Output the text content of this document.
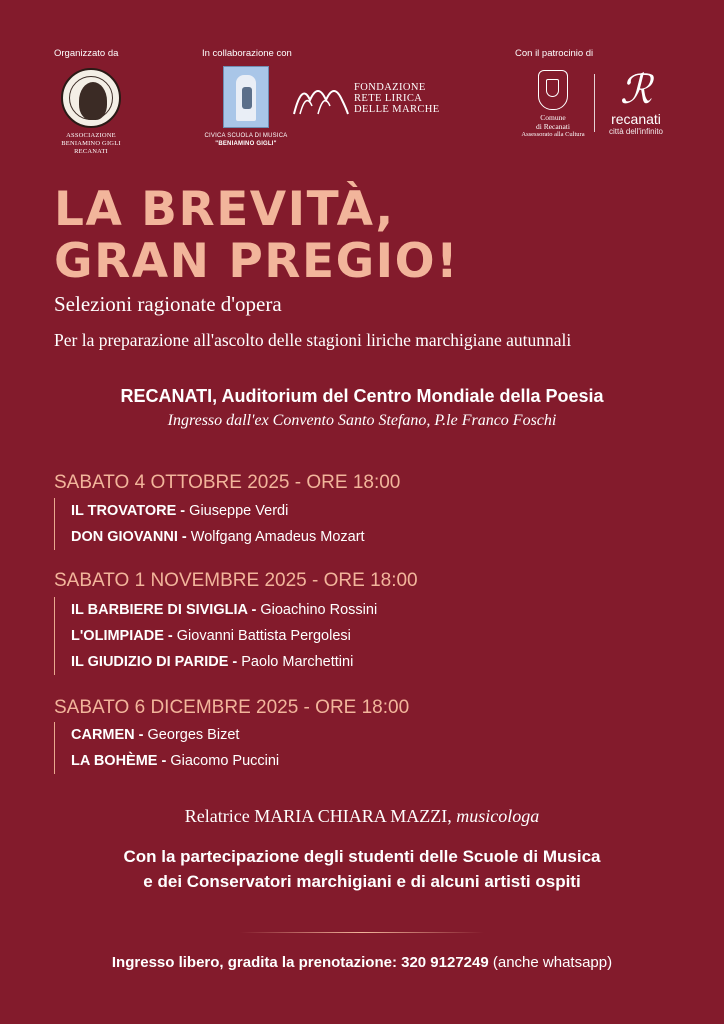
Organizzato da	In collaborazione con	Con il patrocinio di
ASSOCIAZIONE
BENIAMINO GIGLI
RECANATI
CIVICA SCUOLA DI MUSICA
"BENIAMINO GIGLI"
FONDAZIONE
RETE LIRICA
DELLE MARCHE
Comune
di Recanati
Assessorato alla Cultura
ℛ
recanati
città dell'infinito
LA BREVITÀ,
GRAN PREGIO!
Selezioni ragionate d'opera
Per la preparazione all'ascolto delle stagioni liriche marchigiane autunnali
RECANATI, Auditorium del Centro Mondiale della Poesia
Ingresso dall'ex Convento Santo Stefano, P.le Franco Foschi
SABATO 4 OTTOBRE 2025 - ORE 18:00
IL TROVATORE - Giuseppe Verdi
DON GIOVANNI - Wolfgang Amadeus Mozart
SABATO 1 NOVEMBRE 2025 - ORE 18:00
IL BARBIERE DI SIVIGLIA - Gioachino Rossini
L'OLIMPIADE - Giovanni Battista Pergolesi
IL GIUDIZIO DI PARIDE - Paolo Marchettini
SABATO 6 DICEMBRE 2025 - ORE 18:00
CARMEN - Georges Bizet
LA BOHÈME - Giacomo Puccini
Relatrice MARIA CHIARA MAZZI, musicologa
Con la partecipazione degli studenti delle Scuole di Musica
e dei Conservatori marchigiani e di alcuni artisti ospiti
Ingresso libero, gradita la prenotazione: 320 9127249 (anche whatsapp)
